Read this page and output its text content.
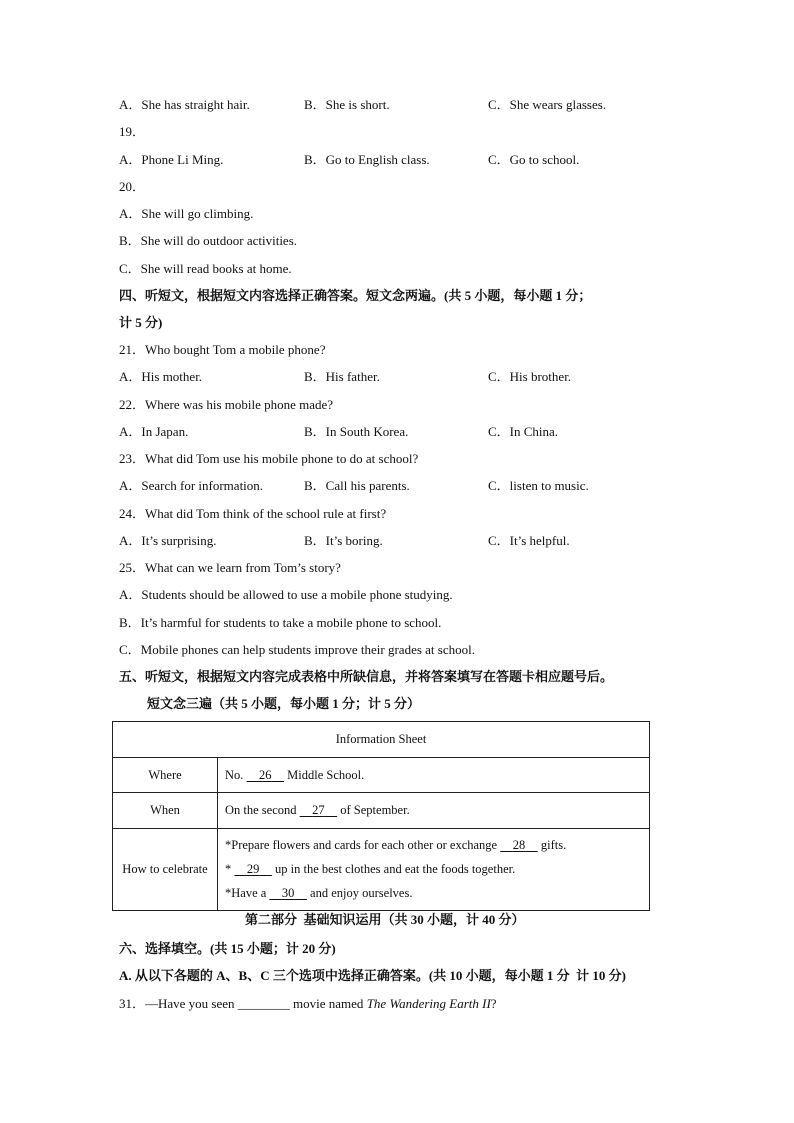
A．She has straight hair.	B．She is short.	C．She wears glasses.
19．
A．Phone Li Ming.	B．Go to English class.	C．Go to school.
20．
A．She will go climbing.
B．She will do outdoor activities.
C．She will read books at home.
四、听短文，根据短文内容选择正确答案。短文念两遍。(共 5 小题，每小题 1 分；
计 5 分)
21．Who bought Tom a mobile phone?
A．His mother.	B．His father.	C．His brother.
22．Where was his mobile phone made?
A．In Japan.	B．In South Korea.	C．In China.
23．What did Tom use his mobile phone to do at school?
A．Search for information.	B．Call his parents.	C．listen to music.
24．What did Tom think of the school rule at first?
A．It’s surprising.	B．It’s boring.	C．It’s helpful.
25．What can we learn from Tom’s story?
A．Students should be allowed to use a mobile phone studying.
B．It’s harmful for students to take a mobile phone to school.
C．Mobile phones can help students improve their grades at school.
五、听短文，根据短文内容完成表格中所缺信息，并将答案填写在答题卡相应题号后。
短文念三遍（共 5 小题，每小题 1 分；计 5 分）
Information Sheet	
Where	No.     26     Middle School.
When	On the second     27     of September.
How to celebrate	*Prepare flowers and cards for each other or exchange     28     gifts.
*     29     up in the best clothes and eat the foods together.
*Have a     30     and enjoy ourselves.
第二部分  基础知识运用（共 30 小题，计 40 分）
六、选择填空。(共 15 小题；计 20 分)
A. 从以下各题的 A、B、C 三个选项中选择正确答案。(共 10 小题，每小题 1 分  计 10 分)
31．—Have you seen ________ movie named The Wandering Earth II?
